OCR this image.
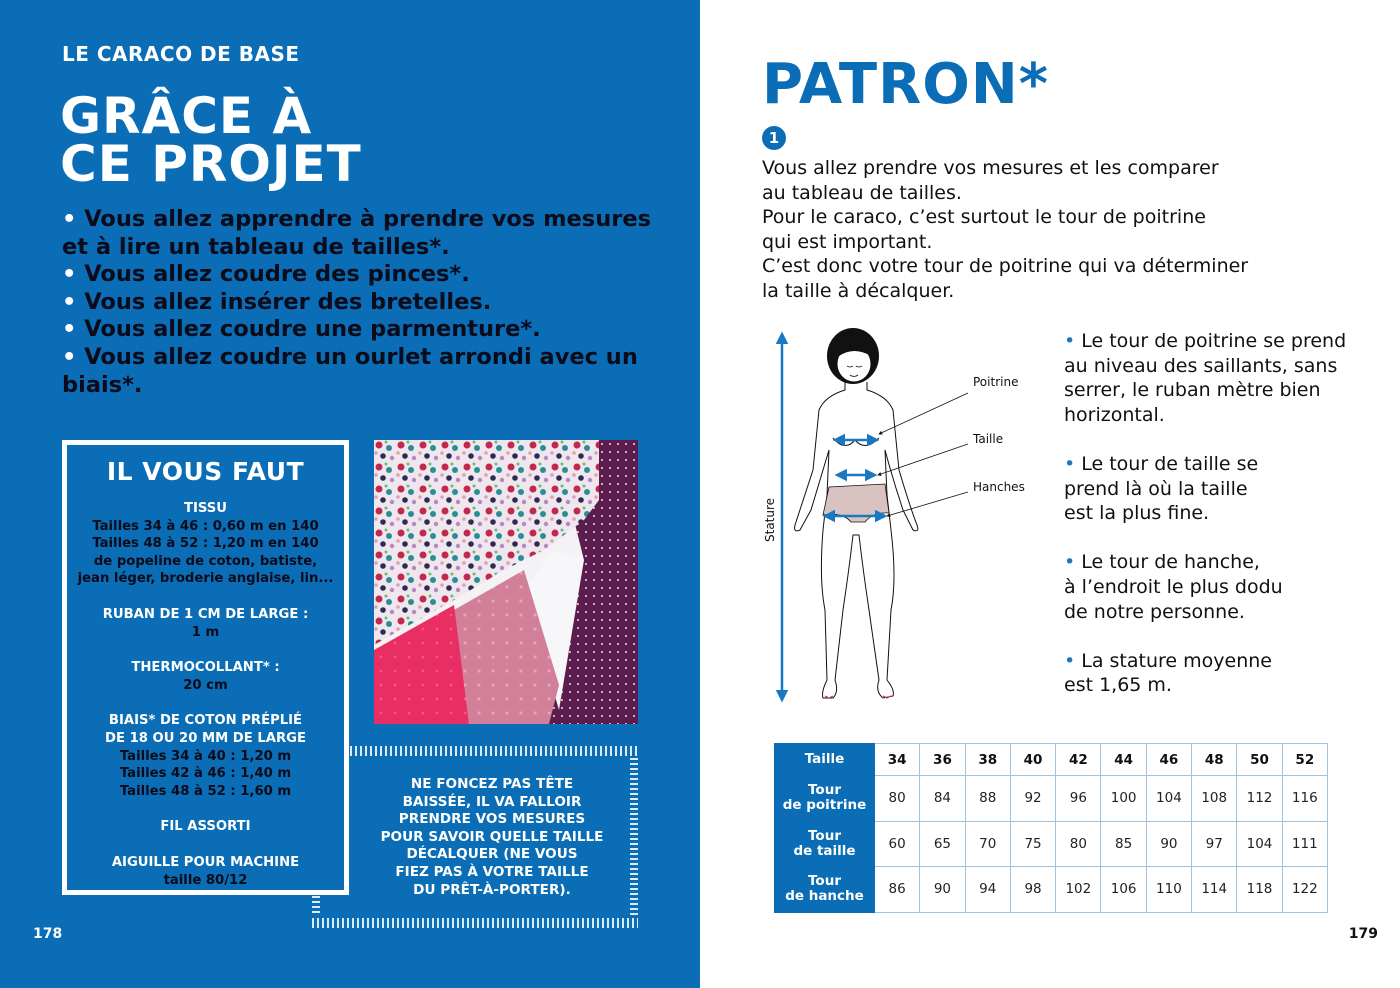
LE CARACO DE BASE
GRÂCE À
CE PROJET
• Vous allez apprendre à prendre vos mesures et à lire un tableau de tailles*.
• Vous allez coudre des pinces*.
• Vous allez insérer des bretelles.
• Vous allez coudre une parmenture*.
• Vous allez coudre un ourlet arrondi avec un biais*.
IL VOUS FAUT
TISSU
Tailles 34 à 46 : 0,60 m en 140
Tailles 48 à 52 : 1,20 m en 140
de popeline de coton, batiste,
jean léger, broderie anglaise, lin...
RUBAN DE 1 CM DE LARGE :
1 m
THERMOCOLLANT* :
20 cm
BIAIS* DE COTON PRÉPLIÉ
DE 18 OU 20 MM DE LARGE
Tailles 34 à 40 : 1,20 m
Tailles 42 à 46 : 1,40 m
Tailles 48 à 52 : 1,60 m
FIL ASSORTI
AIGUILLE POUR MACHINE
taille 80/12
NE FONCEZ PAS TÊTE
BAISSÉE, IL VA FALLOIR
PRENDRE VOS MESURES
POUR SAVOIR QUELLE TAILLE
DÉCALQUER (NE VOUS
FIEZ PAS À VOTRE TAILLE
DU PRÊT-À-PORTER).
178
PATRON*
1
Vous allez prendre vos mesures et les comparer
au tableau de tailles.
Pour le caraco, c’est surtout le tour de poitrine
qui est important.
C’est donc votre tour de poitrine qui va déterminer
la taille à décalquer.
Poitrine
Taille
Hanches
Stature

• Le tour de poitrine se prend
au niveau des saillants, sans
serrer, le ruban mètre bien
horizontal.

• Le tour de taille se
prend là où la taille
est la plus fine.

• Le tour de hanche,
à l’endroit le plus dodu
de notre personne.

• La stature moyenne
est 1,65 m.

Taille	34	36	38	40	42	44	46	48	50	52

Tour
de poitrine	80	84	88	92	96	100	104	108	112	116

Tour
de taille	60	65	70	75	80	85	90	97	104	111

Tour
de hanche	86	90	94	98	102	106	110	114	118	122
179
